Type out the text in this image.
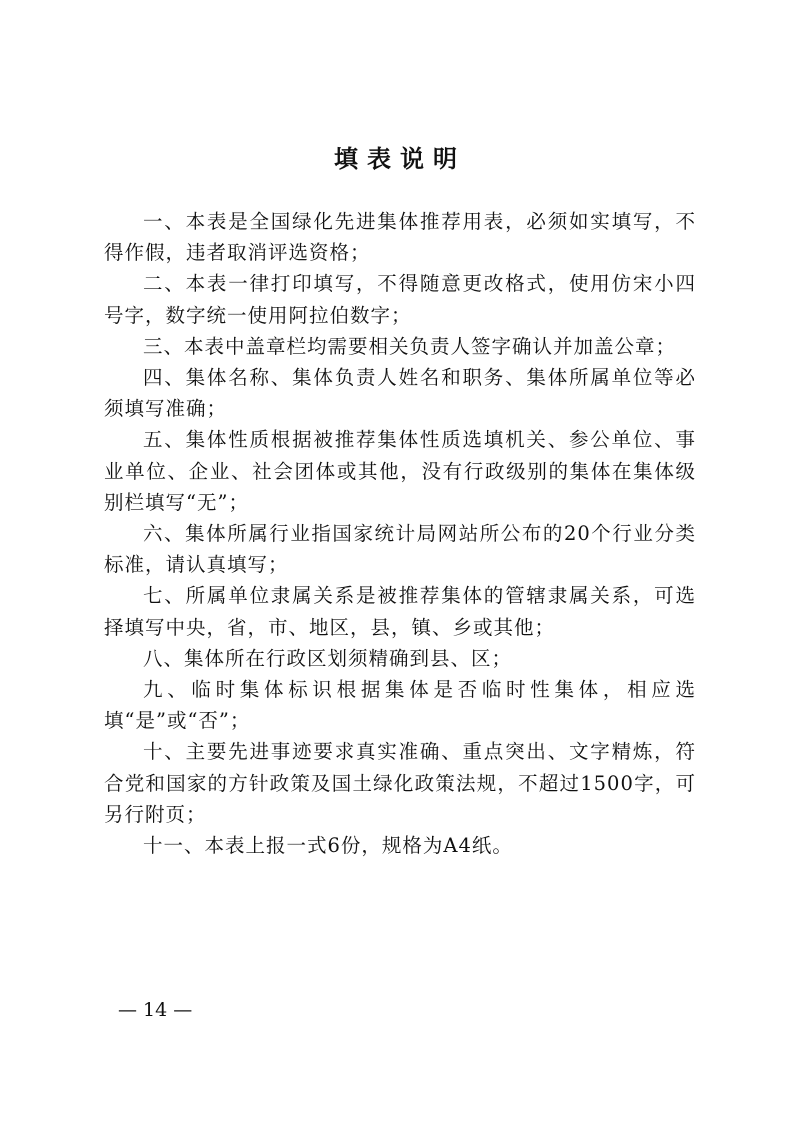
填表说明

一、本表是全国绿化先进集体推荐用表，必须如实填写，不得作假，违者取消评选资格；

二、本表一律打印填写，不得随意更改格式，使用仿宋小四号字，数字统一使用阿拉伯数字；

三、本表中盖章栏均需要相关负责人签字确认并加盖公章；

四、集体名称、集体负责人姓名和职务、集体所属单位等必须填写准确；

五、集体性质根据被推荐集体性质选填机关、参公单位、事业单位、企业、社会团体或其他，没有行政级别的集体在集体级别栏填写“无”；

六、集体所属行业指国家统计局网站所公布的20个行业分类标准，请认真填写；

七、所属单位隶属关系是被推荐集体的管辖隶属关系，可选择填写中央，省，市、地区，县，镇、乡或其他；

八、集体所在行政区划须精确到县、区；

九、临时集体标识根据集体是否临时性集体，相应选填“是”或“否”；

十、主要先进事迹要求真实准确、重点突出、文字精炼，符合党和国家的方针政策及国土绿化政策法规，不超过1500字，可另行附页；

十一、本表上报一式6份，规格为A4纸。

— 14 —
